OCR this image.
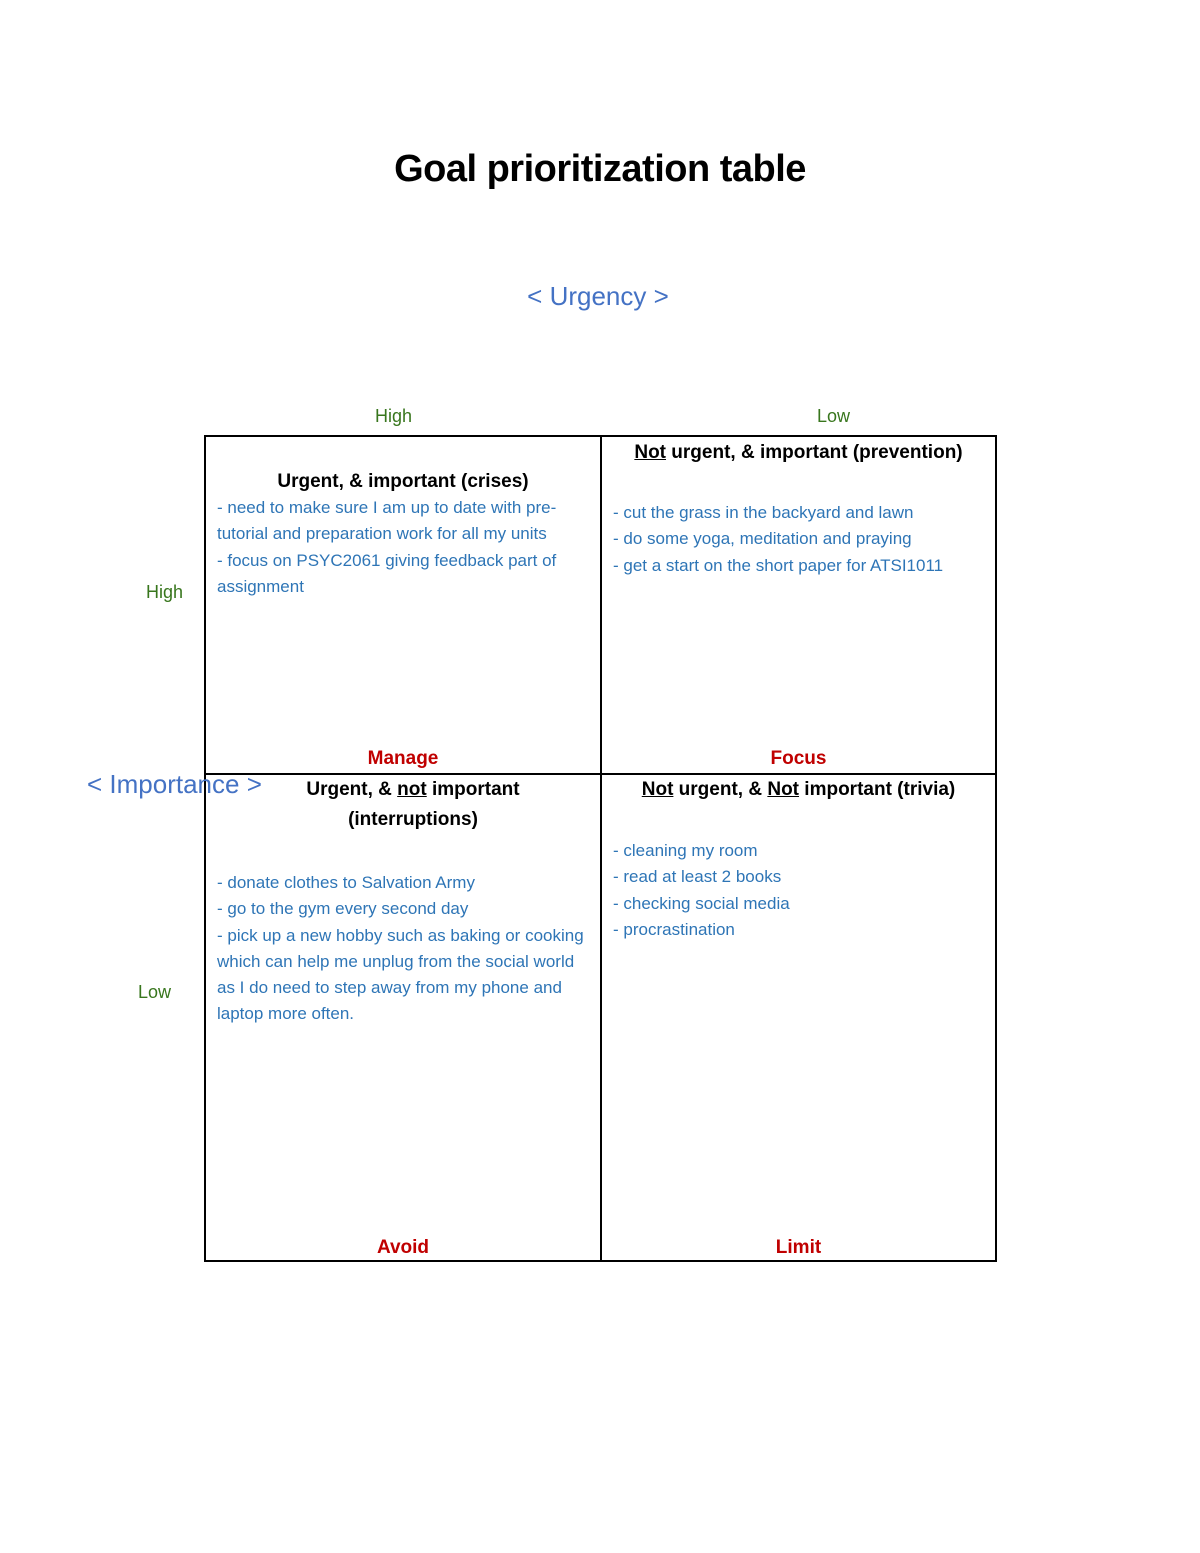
Goal prioritization table
< Urgency >
High	Low
High
Low
< Importance >
Urgent, & important (crises)
- need to make sure I am up to date with pre-tutorial and preparation work for all my units
- focus on PSYC2061 giving feedback part of assignment
Manage
Not urgent, & important (prevention)
- cut the grass in the backyard and lawn
- do some yoga, meditation and praying
- get a start on the short paper for ATSI1011
Focus
Urgent, & not important (interruptions)
- donate clothes to Salvation Army
- go to the gym every second day
- pick up a new hobby such as baking or cooking which can help me unplug from the social world as I do need to step away from my phone and laptop more often.
Avoid
Not urgent, & Not important (trivia)
- cleaning my room
- read at least 2 books
- checking social media
- procrastination
Limit
